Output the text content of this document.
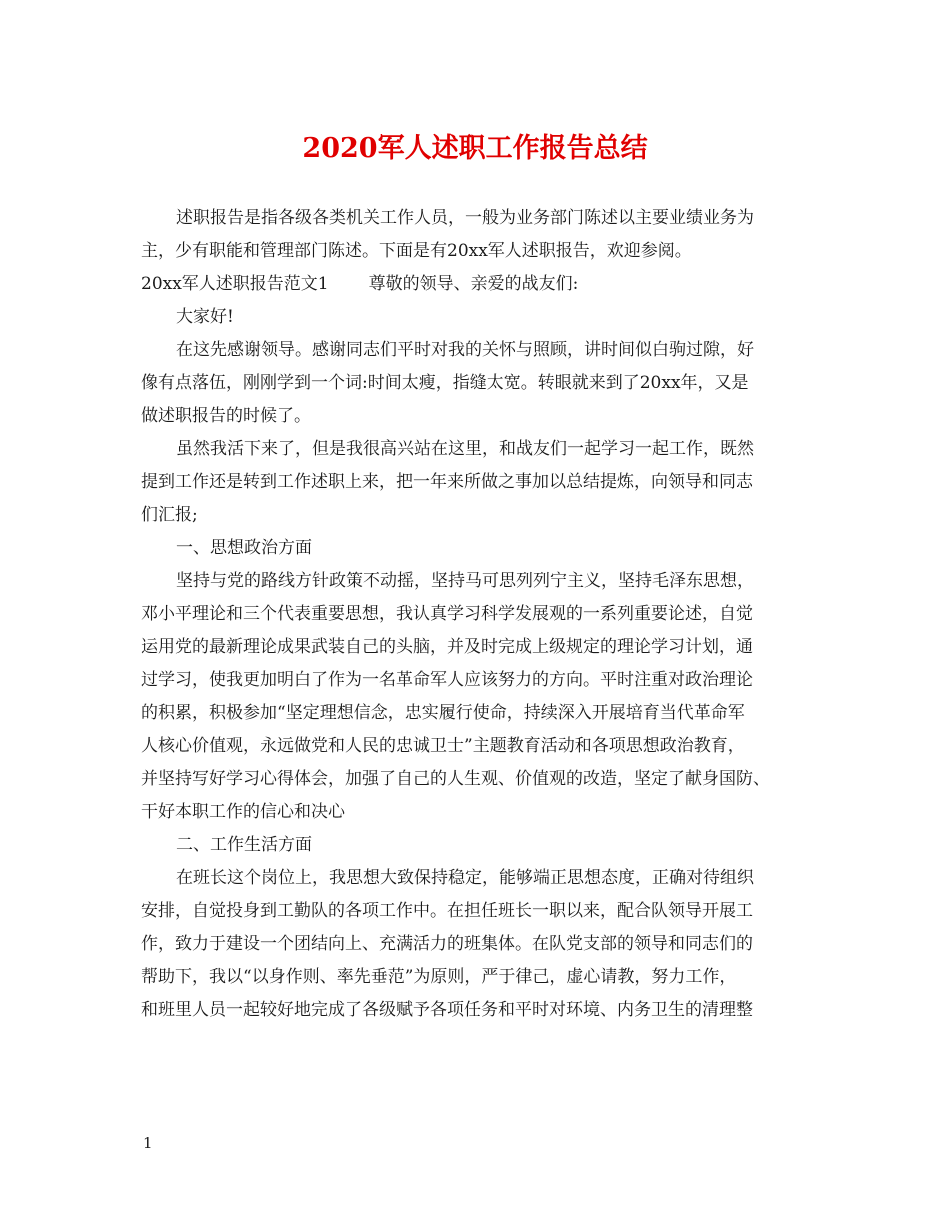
2020军人述职工作报告总结

述职报告是指各级各类机关工作人员，一般为业务部门陈述以主要业绩业务为
主，少有职能和管理部门陈述。下面是有20xx军人述职报告，欢迎参阅。

20xx军人述职报告范文1 尊敬的领导、亲爱的战友们:

大家好!

在这先感谢领导。感谢同志们平时对我的关怀与照顾，讲时间似白驹过隙，好
像有点落伍，刚刚学到一个词:时间太瘦，指缝太宽。转眼就来到了20xx年，又是
做述职报告的时候了。

虽然我活下来了，但是我很高兴站在这里，和战友们一起学习一起工作，既然
提到工作还是转到工作述职上来，把一年来所做之事加以总结提炼，向领导和同志
们汇报;

一、思想政治方面

坚持与党的路线方针政策不动摇，坚持马可思列列宁主义，坚持毛泽东思想，
邓小平理论和三个代表重要思想，我认真学习科学发展观的一系列重要论述，自觉
运用党的最新理论成果武装自己的头脑，并及时完成上级规定的理论学习计划，通
过学习，使我更加明白了作为一名革命军人应该努力的方向。平时注重对政治理论
的积累，积极参加“坚定理想信念，忠实履行使命，持续深入开展培育当代革命军
人核心价值观，永远做党和人民的忠诚卫士”主题教育活动和各项思想政治教育，
并坚持写好学习心得体会，加强了自己的人生观、价值观的改造，坚定了献身国防、
干好本职工作的信心和决心

二、工作生活方面

在班长这个岗位上，我思想大致保持稳定，能够端正思想态度，正确对待组织
安排，自觉投身到工勤队的各项工作中。在担任班长一职以来，配合队领导开展工
作，致力于建设一个团结向上、充满活力的班集体。在队党支部的领导和同志们的
帮助下，我以“以身作则、率先垂范”为原则，严于律己，虚心请教，努力工作，
和班里人员一起较好地完成了各级赋予各项任务和平时对环境、内务卫生的清理整

1
